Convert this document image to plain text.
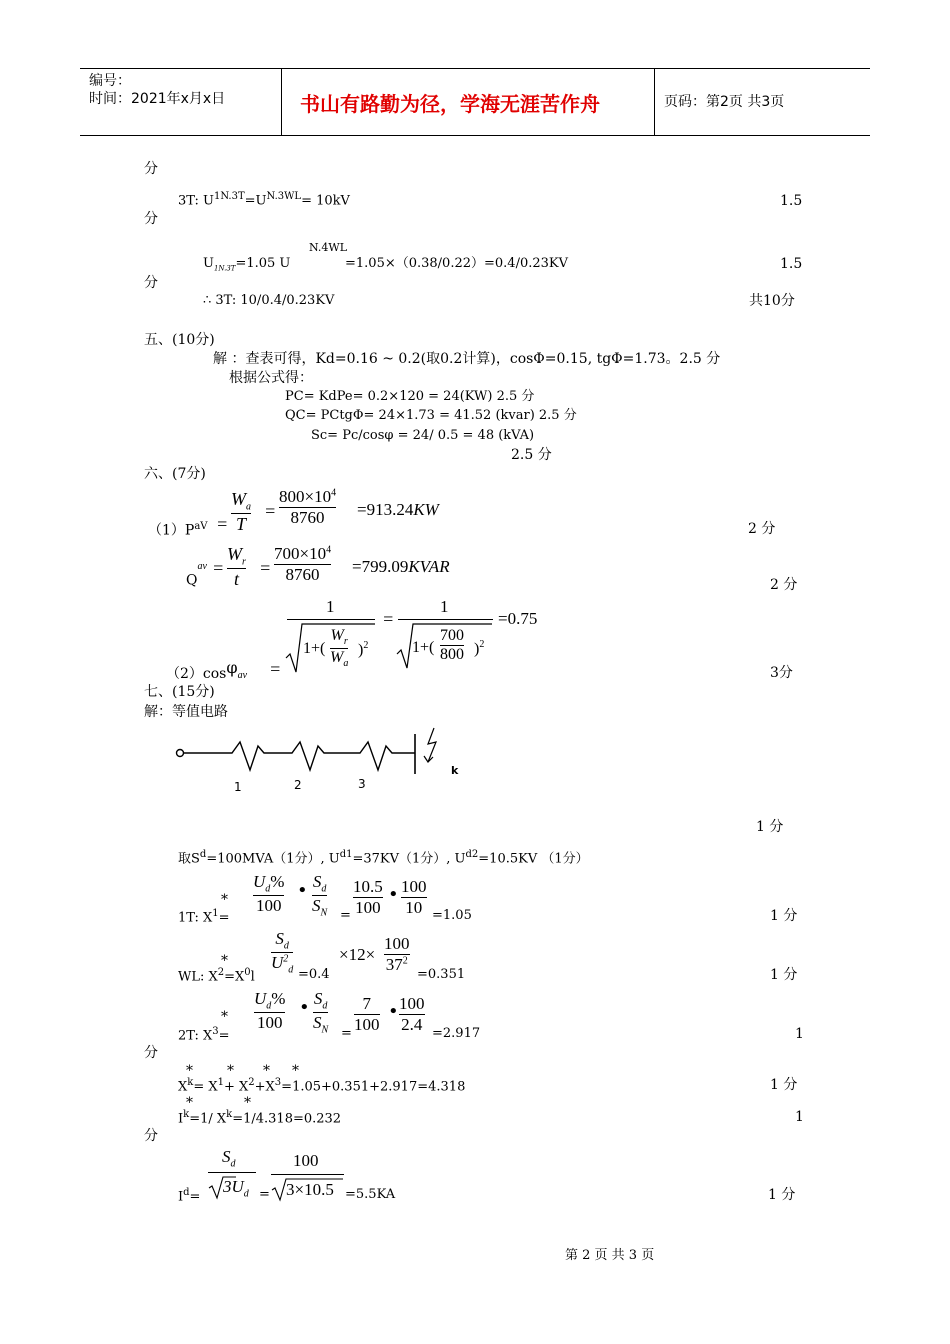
编号：
时间：2021年x月x日	书山有路勤为径，学海无涯苦作舟	页码：第2页 共3页
分
3T: $U^{1N.3T}=U^{N.3WL}= 10kV$	1.5
分
N.4WL
$U_{1N.3T}=1.05$ U	=1.05×（0.38/0.22）=0.4/0.23KV	1.5
分
∴ 3T: 10/0.4/0.23KV	共10分
五、(10分)
解 ：查表可得，Kd=0.16 ~ 0.2(取0.2计算)，cosΦ=0.15, tgΦ=1.73。2.5 分
根据公式得：
PC= KdPe= 0.2×120 = 24(KW) 2.5 分
QC= PCtgΦ= 24×1.73 = 41.52 (kvar) 2.5 分
Sc= Pc/cosφ = 24/ 0.5 = 48 (kVA)
2.5 分
六、(7分)
$(1)P^{aV}$ =
$W_a$
T
=
$800\times 10^4$
8760 =913.24KW
2 分
$Q^{av}$ =
$W_r$
t
=
$700\times 10^4$
8760 =799.09KVAR
2 分
（2）cosφ$_{av}$ =
1
1+(
$W_r$
$W_a$
)$^2$
=
1
1+(
700
800 )$^2$
=0.75
3分
七、(15分)
解：等值电路
1	2	3
k
1 分
取$S^d=100MVA(1$分）, $U^{d1}=37KV(1$分）, $U^{d2}=10.5KV$ （1分）
*
1T: $X^1=$
$U_d\%$
100
• $S_d$
$S_N$ =
10.5
100
• 100
10 =1.05	1 分
$S_d$
$U^2_d$
*
WL: $X^2=X^0l$	=0.4
×12×
100
$37^2$
=0.351	1 分
*
2T: $X^3=$
$U_d\%$
100
• $S_d$
$S_N$ =
7
100
• 100
2.4 =2.917	1
分
* * * *
$X^k= X^1+ X^2+X^3=1.05+0.351+2.917=4.318$	1 分
*	*
$I^k=1/$ $X^k=1/4.318=0.232$	1
分
$I^d=$
$S_d$
$3U_d$ =
100
3×10.5 =5.5KA	1 分
第 2 页 共 3 页
